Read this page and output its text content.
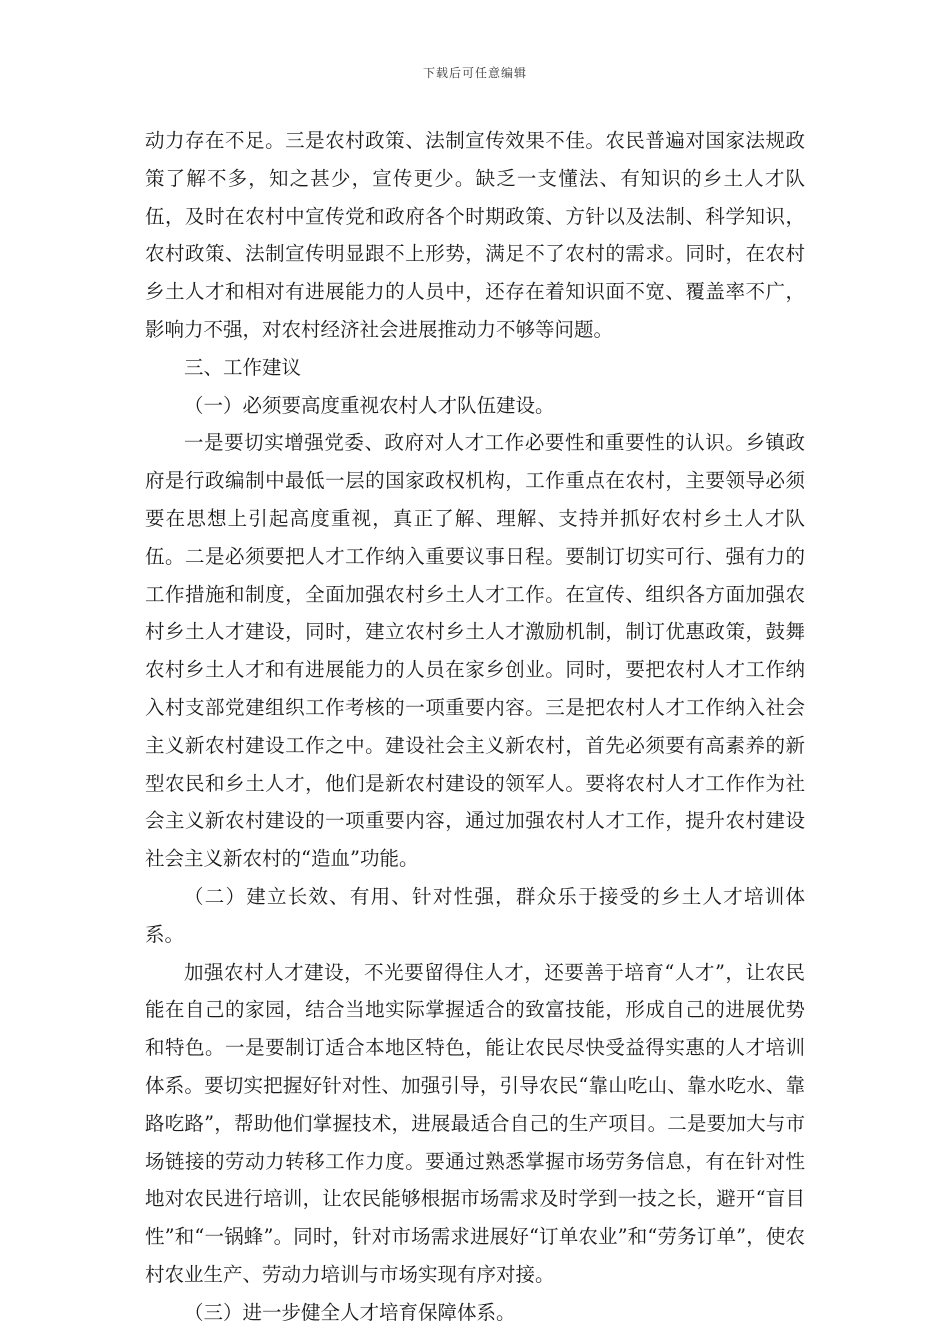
下载后可任意编辑

动力存在不足。三是农村政策、法制宣传效果不佳。农民普遍对国家法规政策了解不多，知之甚少，宣传更少。缺乏一支懂法、有知识的乡土人才队伍，及时在农村中宣传党和政府各个时期政策、方针以及法制、科学知识，农村政策、法制宣传明显跟不上形势，满足不了农村的需求。同时，在农村乡土人才和相对有进展能力的人员中，还存在着知识面不宽、覆盖率不广，影响力不强，对农村经济社会进展推动力不够等问题。

三、工作建议

（一）必须要高度重视农村人才队伍建设。

一是要切实增强党委、政府对人才工作必要性和重要性的认识。乡镇政府是行政编制中最低一层的国家政权机构，工作重点在农村，主要领导必须要在思想上引起高度重视，真正了解、理解、支持并抓好农村乡土人才队伍。二是必须要把人才工作纳入重要议事日程。要制订切实可行、强有力的工作措施和制度，全面加强农村乡土人才工作。在宣传、组织各方面加强农村乡土人才建设，同时，建立农村乡土人才激励机制，制订优惠政策，鼓舞农村乡土人才和有进展能力的人员在家乡创业。同时，要把农村人才工作纳入村支部党建组织工作考核的一项重要内容。三是把农村人才工作纳入社会主义新农村建设工作之中。建设社会主义新农村，首先必须要有高素养的新型农民和乡土人才，他们是新农村建设的领军人。要将农村人才工作作为社会主义新农村建设的一项重要内容，通过加强农村人才工作，提升农村建设社会主义新农村的“造血”功能。

（二）建立长效、有用、针对性强，群众乐于接受的乡土人才培训体系。

加强农村人才建设，不光要留得住人才，还要善于培育“人才”，让农民能在自己的家园，结合当地实际掌握适合的致富技能，形成自己的进展优势和特色。一是要制订适合本地区特色，能让农民尽快受益得实惠的人才培训体系。要切实把握好针对性、加强引导，引导农民“靠山吃山、靠水吃水、靠路吃路”，帮助他们掌握技术，进展最适合自己的生产项目。二是要加大与市场链接的劳动力转移工作力度。要通过熟悉掌握市场劳务信息，有在针对性地对农民进行培训，让农民能够根据市场需求及时学到一技之长，避开“盲目性”和“一锅蜂”。同时，针对市场需求进展好“订单农业”和“劳务订单”，使农村农业生产、劳动力培训与市场实现有序对接。

（三）进一步健全人才培育保障体系。
